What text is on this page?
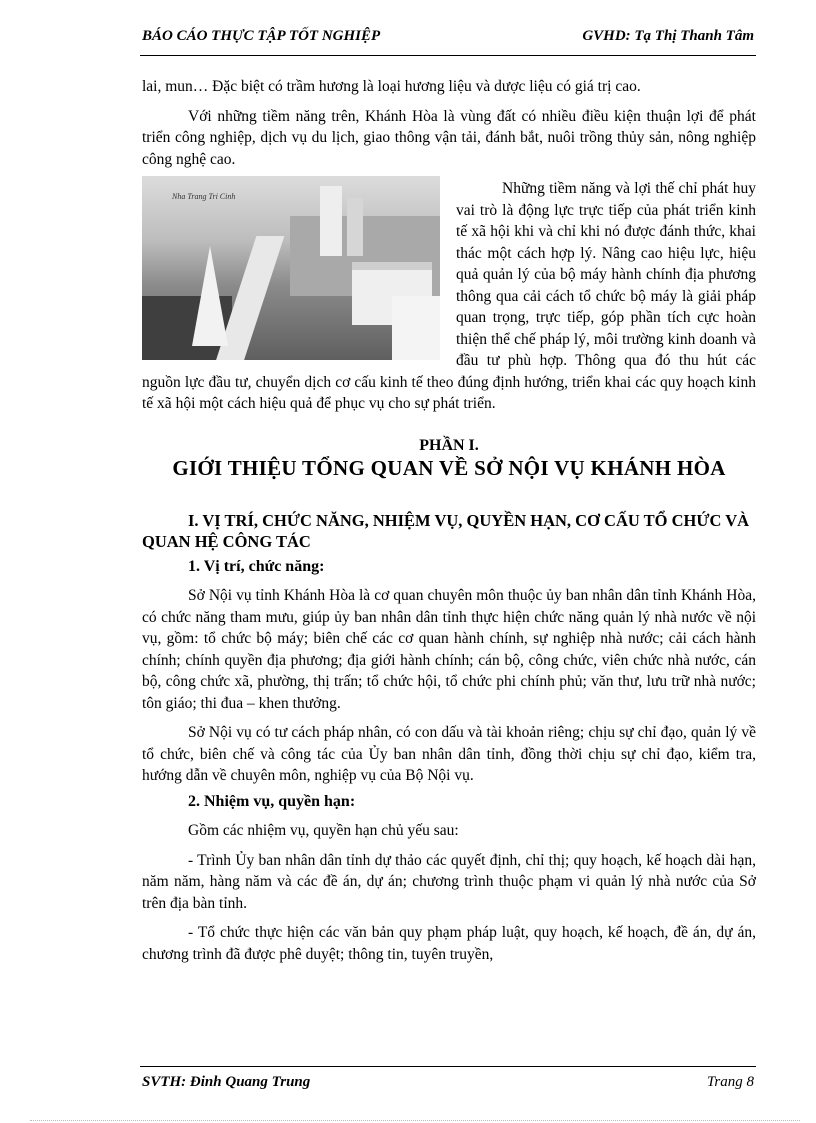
BÁO CÁO THỰC TẬP TỐT NGHIỆP	GVHD: Tạ Thị Thanh Tâm

lai, mun… Đặc biệt có trầm hương là loại hương liệu và dược liệu có giá trị cao.

Với những tiềm năng trên, Khánh Hòa là vùng đất có nhiều điều kiện thuận lợi để phát triển công nghiệp, dịch vụ du lịch, giao thông vận tải, đánh bắt, nuôi trồng thủy sản, nông nghiệp công nghệ cao.

Nha Trang Tri Cinh	Những tiềm năng và lợi thế chỉ phát huy vai trò là động lực trực tiếp của phát triển kinh tế xã hội khi và chỉ khi nó được đánh thức, khai thác một cách hợp lý. Nâng cao hiệu lực, hiệu quả quản lý của bộ máy hành chính địa phương thông qua cải cách tổ chức bộ máy là giải pháp quan trọng, trực tiếp, góp phần tích cực hoàn thiện thể chế pháp lý, môi trường kinh doanh và đầu tư phù hợp. Thông qua đó thu hút các nguồn lực đầu tư, chuyển dịch cơ cấu kinh tế theo đúng định hướng, triển khai các quy hoạch kinh tế xã hội một cách hiệu quả để phục vụ cho sự phát triển.

PHẦN I.

GIỚI THIỆU TỔNG QUAN VỀ SỞ NỘI VỤ KHÁNH HÒA

I. VỊ TRÍ, CHỨC NĂNG, NHIỆM VỤ, QUYỀN HẠN, CƠ CẤU TỔ CHỨC VÀ QUAN HỆ CÔNG TÁC

1. Vị trí, chức năng:

Sở Nội vụ tỉnh Khánh Hòa là cơ quan chuyên môn thuộc ủy ban nhân dân tỉnh Khánh Hòa, có chức năng tham mưu, giúp ủy ban nhân dân tỉnh thực hiện chức năng quản lý nhà nước về nội vụ, gồm: tổ chức bộ máy; biên chế các cơ quan hành chính, sự nghiệp nhà nước; cải cách hành chính; chính quyền địa phương; địa giới hành chính; cán bộ, công chức, viên chức nhà nước, cán bộ, công chức xã, phường, thị trấn; tổ chức hội, tổ chức phi chính phủ; văn thư, lưu trữ nhà nước; tôn giáo; thi đua – khen thưởng.

Sở Nội vụ có tư cách pháp nhân, có con dấu và tài khoản riêng; chịu sự chỉ đạo, quản lý về tổ chức, biên chế và công tác của Ủy ban nhân dân tỉnh, đồng thời chịu sự chỉ đạo, kiểm tra, hướng dẫn về chuyên môn, nghiệp vụ của Bộ Nội vụ.

2. Nhiệm vụ, quyền hạn:

Gồm các nhiệm vụ, quyền hạn chủ yếu sau:

- Trình Ủy ban nhân dân tỉnh dự thảo các quyết định, chỉ thị; quy hoạch, kế hoạch dài hạn, năm năm, hàng năm và các đề án, dự án; chương trình thuộc phạm vi quản lý nhà nước của Sở trên địa bàn tỉnh.

- Tổ chức thực hiện các văn bản quy phạm pháp luật, quy hoạch, kế hoạch, đề án, dự án, chương trình đã được phê duyệt; thông tin, tuyên truyền,

SVTH: Đinh Quang Trung	Trang 8
